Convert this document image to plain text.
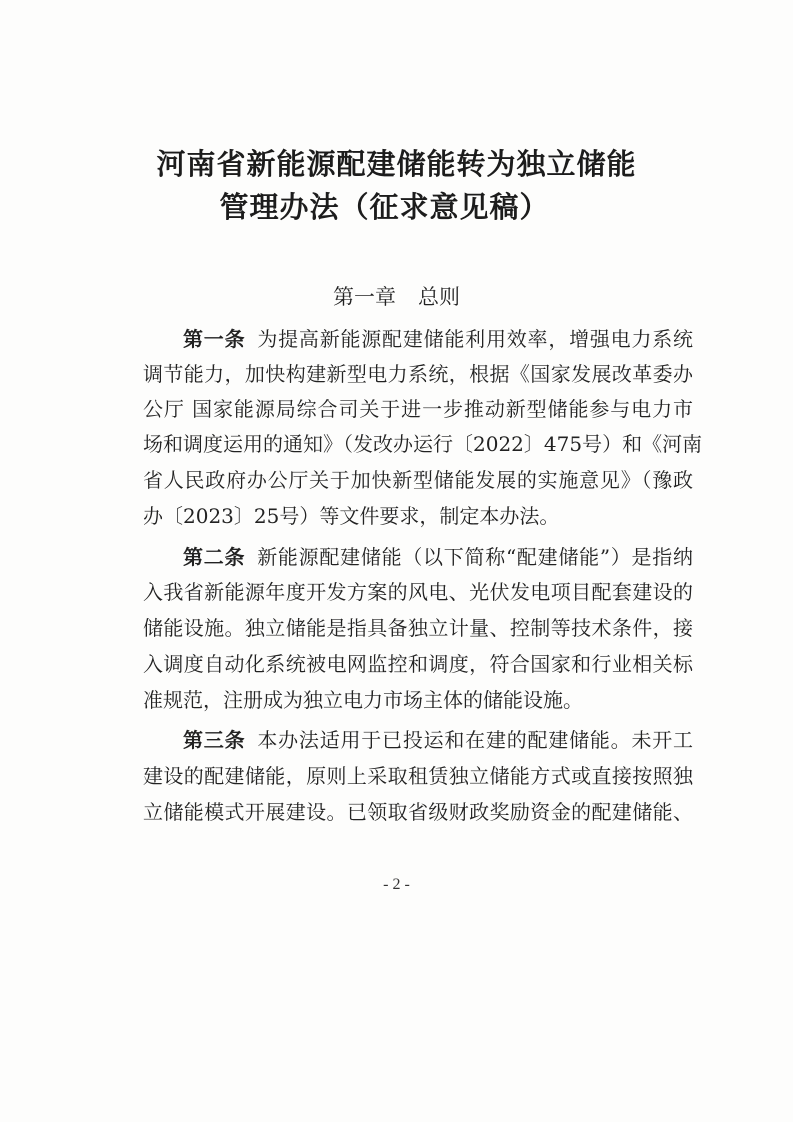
河南省新能源配建储能转为独立储能
管理办法（征求意见稿）
第一章 总则
第一条 为提高新能源配建储能利用效率，增强电力系统
调节能力，加快构建新型电力系统，根据《国家发展改革委办
公厅 国家能源局综合司关于进一步推动新型储能参与电力市
场和调度运用的通知》（发改办运行〔2022〕475号）和《河南
省人民政府办公厅关于加快新型储能发展的实施意见》（豫政
办〔2023〕25号）等文件要求，制定本办法。
第二条 新能源配建储能（以下简称“配建储能”）是指纳
入我省新能源年度开发方案的风电、光伏发电项目配套建设的
储能设施。独立储能是指具备独立计量、控制等技术条件，接
入调度自动化系统被电网监控和调度，符合国家和行业相关标
准规范，注册成为独立电力市场主体的储能设施。
第三条 本办法适用于已投运和在建的配建储能。未开工
建设的配建储能，原则上采取租赁独立储能方式或直接按照独
立储能模式开展建设。已领取省级财政奖励资金的配建储能、
- 2 -
